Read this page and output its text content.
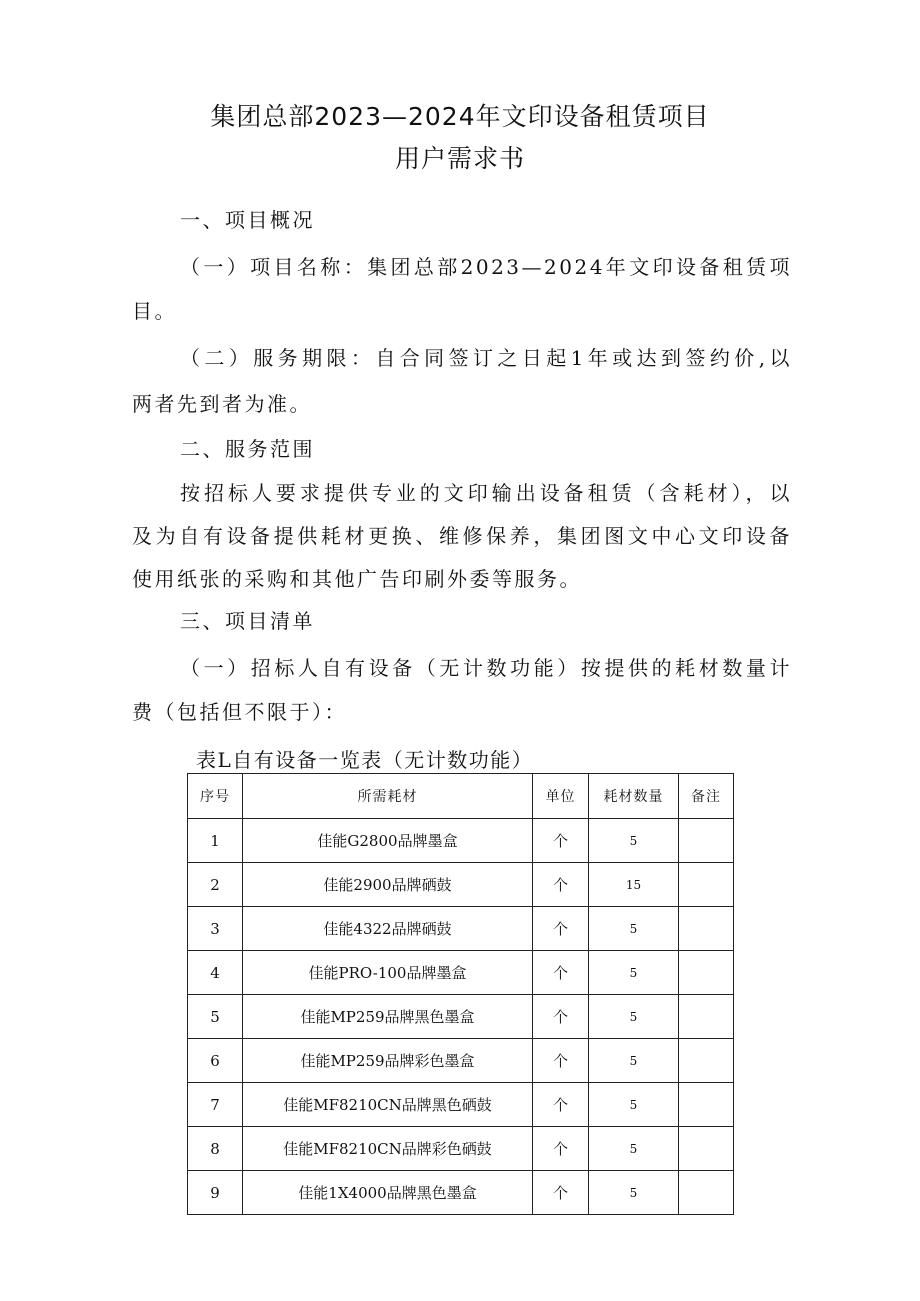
集团总部2023—2024年文印设备租赁项目
用户需求书
一、项目概况
（一）项目名称：集团总部2023—2024年文印设备租赁项
目。
（二）服务期限：自合同签订之日起1年或达到签约价,以
两者先到者为准。
二、服务范围
按招标人要求提供专业的文印输出设备租赁（含耗材），以
及为自有设备提供耗材更换、维修保养，集团图文中心文印设备
使用纸张的采购和其他广告印刷外委等服务。
三、项目清单
（一）招标人自有设备（无计数功能）按提供的耗材数量计
费（包括但不限于）：
表L自有设备一览表（无计数功能）
序号	所需耗材	单位	耗材数量	备注
1	佳能G2800品牌墨盒	个	5	
2	佳能2900品牌硒鼓	个	15	
3	佳能4322品牌硒鼓	个	5	
4	佳能PRO-100品牌墨盒	个	5	
5	佳能MP259品牌黑色墨盒	个	5	
6	佳能MP259品牌彩色墨盒	个	5	
7	佳能MF8210CN品牌黑色硒鼓	个	5	
8	佳能MF8210CN品牌彩色硒鼓	个	5	
9	佳能1X4000品牌黑色墨盒	个	5	
